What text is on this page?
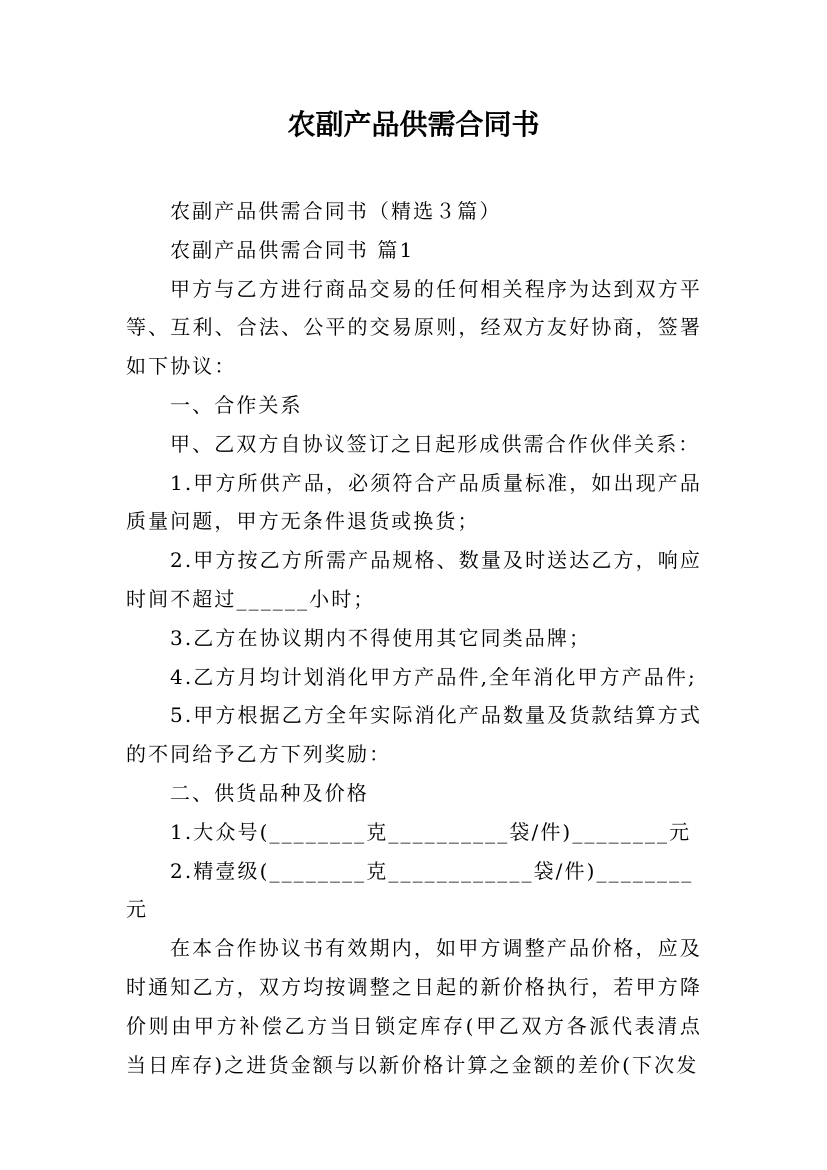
农副产品供需合同书

农副产品供需合同书（精选３篇）

农副产品供需合同书 篇1

甲方与乙方进行商品交易的任何相关程序为达到双方平等、互利、合法、公平的交易原则，经双方友好协商，签署如下协议：

一、合作关系

甲、乙双方自协议签订之日起形成供需合作伙伴关系：

1.甲方所供产品，必须符合产品质量标准，如出现产品质量问题，甲方无条件退货或换货；

2.甲方按乙方所需产品规格、数量及时送达乙方，响应时间不超过______小时；

3.乙方在协议期内不得使用其它同类品牌；

4.乙方月均计划消化甲方产品件,全年消化甲方产品件;

5.甲方根据乙方全年实际消化产品数量及货款结算方式的不同给予乙方下列奖励：

二、供货品种及价格

1.大众号(________克__________袋/件)________元

2.精壹级(________克____________袋/件)________元

在本合作协议书有效期内，如甲方调整产品价格，应及时通知乙方，双方均按调整之日起的新价格执行，若甲方降价则由甲方补偿乙方当日锁定库存(甲乙双方各派代表清点当日库存)之进货金额与以新价格计算之金额的差价(下次发
